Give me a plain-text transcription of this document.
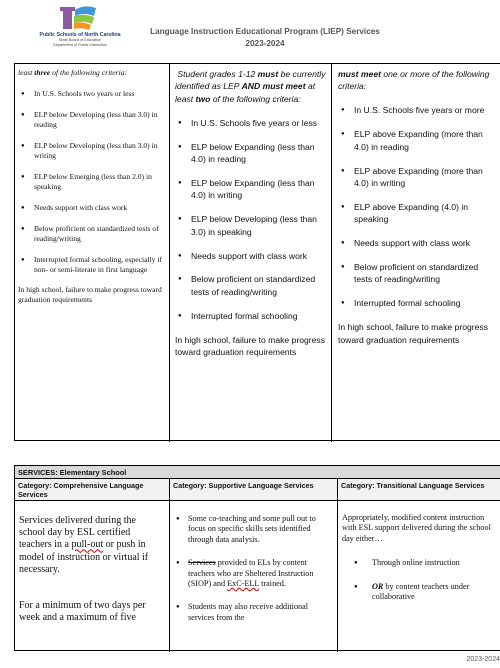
Public Schools of North Carolina
State Board of Education
Department of Public Instruction
Language Instruction Educational Program (LIEP) Services
2023-2024

least three of the following criteria:

● In U.S. Schools two years or less
● ELP below Developing (less than 3.0) in reading
● ELP below Developing (less than 3.0) in writing
● ELP below Emerging (less than 2.0) in speaking
● Needs support with class work
● Below proficient on standardized tests of reading/writing
● Interrupted formal schooling, especially if non- or semi-literate in first language

In high school, failure to make progress toward graduation requirements

Student grades 1-12 must be currently identified as LEP AND must meet at least two of the following criteria:

● In U.S. Schools five years or less
● ELP below Expanding (less than 4.0) in reading
● ELP below Expanding (less than 4.0) in writing
● ELP below Developing (less than 3.0) in speaking
● Needs support with class work
● Below proficient on standardized tests of reading/writing
● Interrupted formal schooling

In high school, failure to make progress toward graduation requirements

must meet one or more of the following criteria:

● In U.S. Schools five years or more
● ELP above Expanding (more than 4.0) in reading
● ELP above Expanding (more than 4.0) in writing
● ELP above Expanding (4.0) in speaking
● Needs support with class work
● Below proficient on standardized tests of reading/writing
● Interrupted formal schooling

In high school, failure to make progress toward graduation requirements

SERVICES: Elementary School
Category: Comprehensive Language Services
Category: Supportive Language Services	Category: Transitional Language Services

Services delivered during the school day by ESL certified teachers in a pull-out or push in model of instruction or virtual if necessary.

For a minimum of two days per week and a maximum of five

● Some co-teaching and some pull out to focus on specific skills sets identified through data analysis.
● Services provided to ELs by content teachers who are Sheltered Instruction (SIOP) and ExC-ELL trained.
● Students may also receive additional services from the

Appropriately, modified content instruction with ESL support delivered during the school day either…

● Through online instruction
● OR by content teachers under collaborative
2023-2024
